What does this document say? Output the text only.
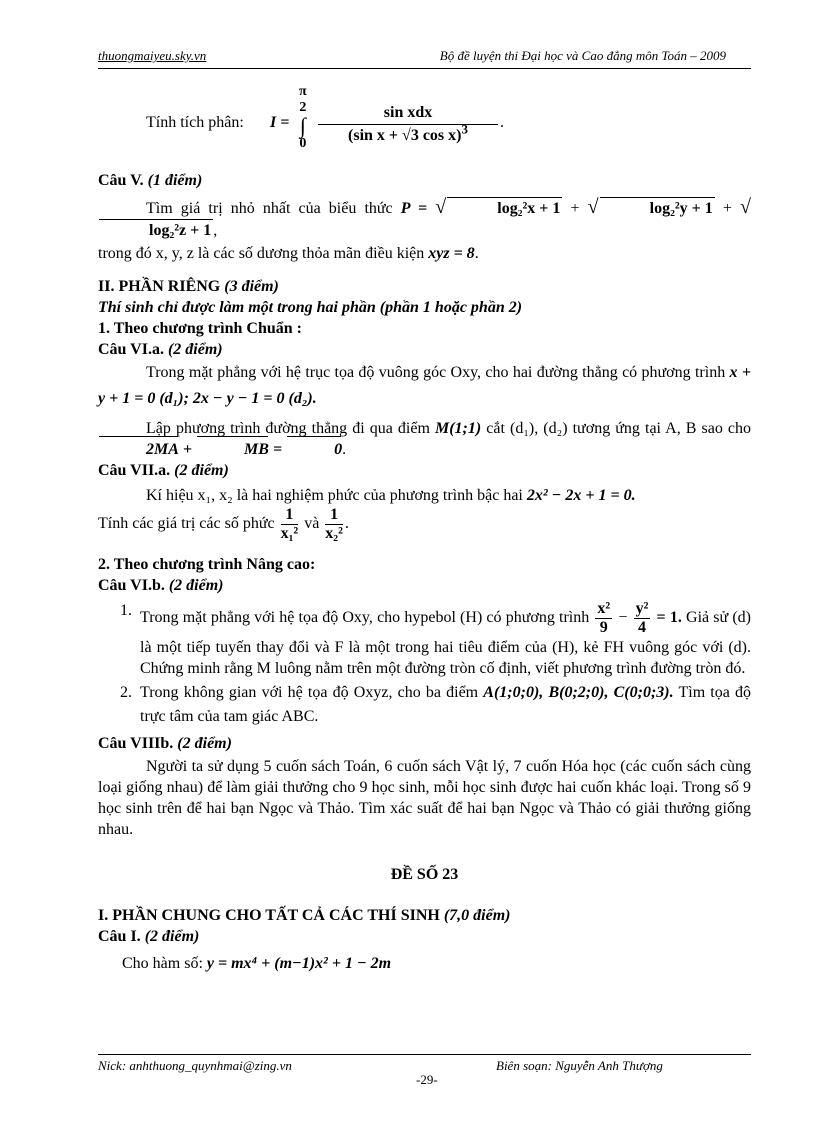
thuongmaiyeu.sky.vn	Bộ đề luyện thi Đại học và Cao đẳng môn Toán – 2009

Tính tích phân: I =
π
2
∫
0
sin xdx
(sin x + √3 cos x)$^3$	.

Câu V. (1 điểm)

Tìm giá trị nhỏ nhất của biểu thức P = √	log₂²x + 1 + √	log₂²y + 1 + √log₂²z + 1 ,

trong đó x, y, z là các số dương thỏa mãn điều kiện xyz = 8.

II. PHẦN RIÊNG (3 điểm)

Thí sinh chỉ được làm một trong hai phần (phần 1 hoặc phần 2)

1. Theo chương trình Chuẩn :

Câu VI.a. (2 điểm)

Trong mặt phẳng với hệ trục tọa độ vuông góc Oxy, cho hai đường thẳng có phương trình x + y + 1 = 0 (d₁); 2x − y − 1 = 0 (d₂).

Lập phương trình đường thẳng đi qua điểm M(1;1) cắt (d₁), (d₂) tương ứng tại A, B sao cho 2MA +	MB =	0.

Câu VII.a. (2 điểm)

Kí hiệu x₁, x₂ là hai nghiệm phức của phương trình bậc hai 2x² − 2x + 1 = 0.

Tính các giá trị các số phức $\frac{1}{\text{x₁²}}$ và $\frac{1}{\text{x₂²}}$ .

2. Theo chương trình Nâng cao:

Câu VI.b. (2 điểm)

1. Trong mặt phẳng với hệ tọa độ Oxy, cho hypebol (H) có phương trình $\frac{\text{x²}}{9} - \frac{\text{y²}}{4} = 1$. Giả sử (d) là một tiếp tuyến thay đổi và F là một trong hai tiêu điểm của (H), kẻ FH vuông góc với (d). Chứng minh rằng M luông nằm trên một đường tròn cố định, viết phương trình đường tròn đó.
2. Trong không gian với hệ tọa độ Oxyz, cho ba điểm A(1;0;0), B(0;2;0), C(0;0;3). Tìm tọa độ trực tâm của tam giác ABC.

Câu VIIIb. (2 điểm)

Người ta sử dụng 5 cuốn sách Toán, 6 cuốn sách Vật lý, 7 cuốn Hóa học (các cuốn sách cùng loại giống nhau) để làm giải thưởng cho 9 học sinh, mỗi học sinh được hai cuốn khác loại. Trong số 9 học sinh trên để hai bạn Ngọc và Thảo. Tìm xác suất để hai bạn Ngọc và Thảo có giải thưởng giống nhau.

ĐỀ SỐ 23

I. PHẦN CHUNG CHO TẤT CẢ CÁC THÍ SINH (7,0 điểm)

Câu I. (2 điểm)

Cho hàm số: y = mx⁴ + (m−1)x² + 1 − 2m

Nick: anhthuong_quynhmai@zing.vn
-29-
Biên soạn: Nguyễn Anh Thượng
